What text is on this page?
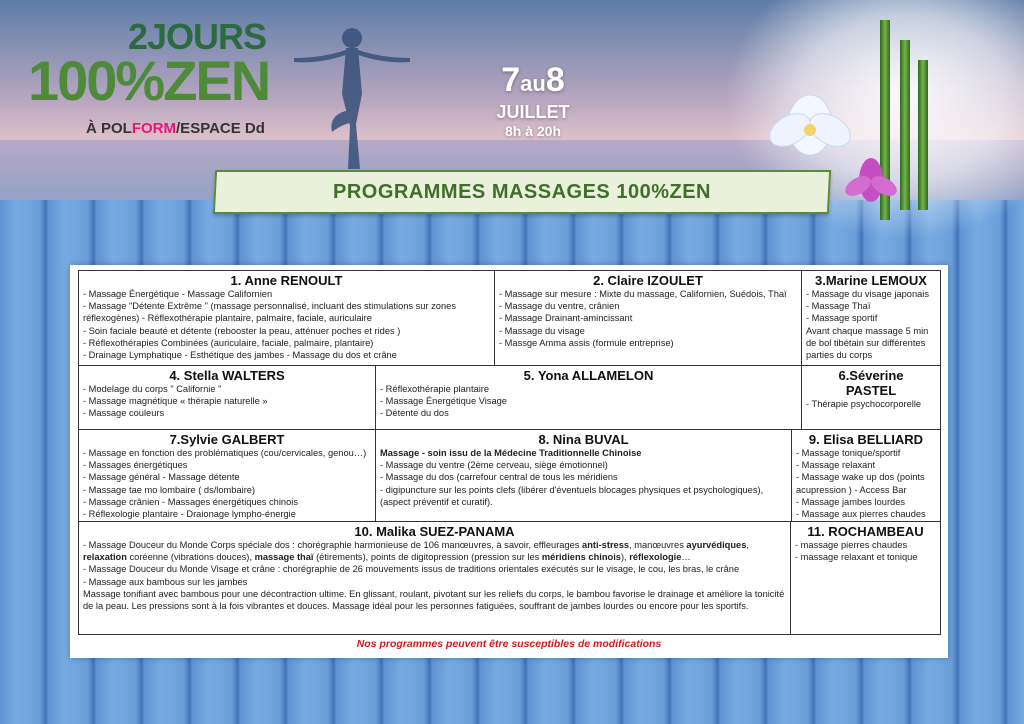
2JOURS
100%ZEN
À POLFORM/ESPACE Dd
7au8
JUILLET
8h à 20h
PROGRAMMES MASSAGES 100%ZEN
1. Anne RENOULT

- Massage Énergétique - Massage Californien

- Massage "Détente Extrême " (massage personnalisé, incluant des stimulations sur zones réflexogènes) - Réflexothérapie plantaire, palmaire, faciale, auriculaire

- Soin faciale beauté et détente (rebooster la peau, atténuer poches et rides )

- Réflexothérapies Combinées (auriculaire, faciale, palmaire, plantaire)

- Drainage Lymphatique - Esthétique des jambes - Massage du dos et crâne

2. Claire IZOULET

- Massage sur mesure : Mixte du massage, Californien, Suédois, Thaï

- Massage du ventre, crânien

- Massage Drainant-amincissant

- Massage du visage

- Massge Amma assis (formule entreprise)

3.Marine LEMOUX

- Massage du visage japonais

- Massage Thaï

- Massage sportif

Avant chaque massage 5 min de bol tibétain sur différentes parties du corps

4. Stella WALTERS

- Modelage du corps " Californie "

- Massage magnétique « thérapie naturelle »

- Massage couleurs

5. Yona ALLAMELON

- Réflexothérapie plantaire

- Massage Énergétique Visage

- Détente du dos

6.Séverine PASTEL

- Thérapie psychocorporelle

7.Sylvie GALBERT

- Massage en fonction des problématiques (cou/cervicales, genou…)

- Massages énergétiques

- Massage général - Massage détente

- Massage tae mo lombaire ( ds/lombaire)

- Massage crânien - Massages énergétiques chinois

- Réflexologie plantaire - Draionage lympho-énergie

8. Nina BUVAL

Massage - soin issu de la Médecine Traditionnelle Chinoise

- Massage du ventre (2ème cerveau, siège émotionnel)

- Massage du dos (carrefour central de tous les méridiens

- digipuncture sur les points clefs (libérer d'éventuels blocages physiques et psychologiques), (aspect préventif et curatif).

9. Elisa BELLIARD

- Massage tonique/sportif

- Massage relaxant

- Massage wake up dos (points acupression ) - Access Bar

- Massage jambes lourdes

- Massage aux pierres chaudes

10. Malika SUEZ-PANAMA

- Massage Douceur du Monde Corps spéciale dos : chorégraphie harmonieuse de 106 manœuvres, à savoir, effleurages anti-stress, manœuvres ayurvédiques, relaxation coréenne (vibrations douces), massage thaï (étirements), points de digitopression (pression sur les méridiens chinois), réflexologie…

- Massage Douceur du Monde Visage et crâne : chorégraphie de 26 mouvements issus de traditions orientales exécutés sur le visage, le cou, les bras, le crâne

- Massage aux bambous sur les jambes

Massage tonifiant avec bambous pour une décontraction ultime. En glissant, roulant, pivotant sur les reliefs du corps, le bambou favorise le drainage et améliore la tonicité de la peau. Les pressions sont à la fois vibrantes et douces. Massage idéal pour les personnes fatiguées, souffrant de jambes lourdes ou encore pour les sportifs.

11. ROCHAMBEAU

- massage pierres chaudes

- massage relaxant et tonique

Nos programmes peuvent être susceptibles de modifications
